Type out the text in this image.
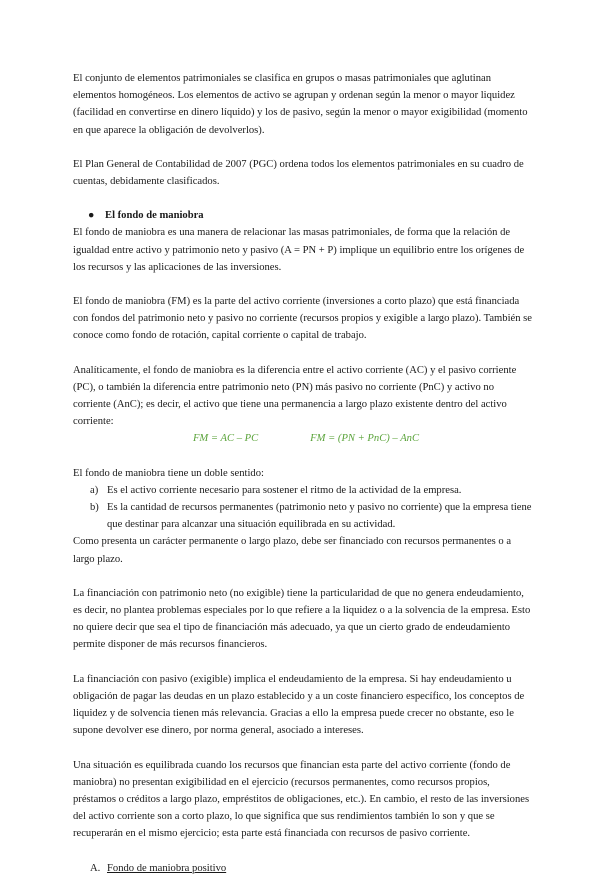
El conjunto de elementos patrimoniales se clasifica en grupos o masas patrimoniales que aglutinan elementos homogéneos. Los elementos de activo se agrupan y ordenan según la menor o mayor liquidez (facilidad en convertirse en dinero líquido) y los de pasivo, según la menor o mayor exigibilidad (momento en que aparece la obligación de devolverlos).

El Plan General de Contabilidad de 2007 (PGC) ordena todos los elementos patrimoniales en su cuadro de cuentas, debidamente clasificados.

● El fondo de maniobra

El fondo de maniobra es una manera de relacionar las masas patrimoniales, de forma que la relación de igualdad entre activo y patrimonio neto y pasivo (A = PN + P) implique un equilibrio entre los orígenes de los recursos y las aplicaciones de las inversiones.

El fondo de maniobra (FM) es la parte del activo corriente (inversiones a corto plazo) que está financiada con fondos del patrimonio neto y pasivo no corriente (recursos propios y exigible a largo plazo). También se conoce como fondo de rotación, capital corriente o capital de trabajo.

Analíticamente, el fondo de maniobra es la diferencia entre el activo corriente (AC) y el pasivo corriente (PC), o también la diferencia entre patrimonio neto (PN) más pasivo no corriente (PnC) y activo no corriente (AnC); es decir, el activo que tiene una permanencia a largo plazo existente dentro del activo corriente:

FM = AC – PC	FM = (PN + PnC) – AnC

El fondo de maniobra tiene un doble sentido:

a) Es el activo corriente necesario para sostener el ritmo de la actividad de la empresa.
b) Es la cantidad de recursos permanentes (patrimonio neto y pasivo no corriente) que la empresa tiene que destinar para alcanzar una situación equilibrada en su actividad.

Como presenta un carácter permanente o largo plazo, debe ser financiado con recursos permanentes o a largo plazo.

La financiación con patrimonio neto (no exigible) tiene la particularidad de que no genera endeudamiento, es decir, no plantea problemas especiales por lo que refiere a la liquidez o a la solvencia de la empresa. Esto no quiere decir que sea el tipo de financiación más adecuado, ya que un cierto grado de endeudamiento permite disponer de más recursos financieros.

La financiación con pasivo (exigible) implica el endeudamiento de la empresa. Si hay endeudamiento u obligación de pagar las deudas en un plazo establecido y a un coste financiero específico, los conceptos de liquidez y de solvencia tienen más relevancia. Gracias a ello la empresa puede crecer no obstante, eso le supone devolver ese dinero, por norma general, asociado a intereses.

Una situación es equilibrada cuando los recursos que financian esta parte del activo corriente (fondo de maniobra) no presentan exigibilidad en el ejercicio (recursos permanentes, como recursos propios, préstamos o créditos a largo plazo, empréstitos de obligaciones, etc.). En cambio, el resto de las inversiones del activo corriente son a corto plazo, lo que significa que sus rendimientos también lo son y que se recuperarán en el mismo ejercicio; esta parte está financiada con recursos de pasivo corriente.

A. Fondo de maniobra positivo
